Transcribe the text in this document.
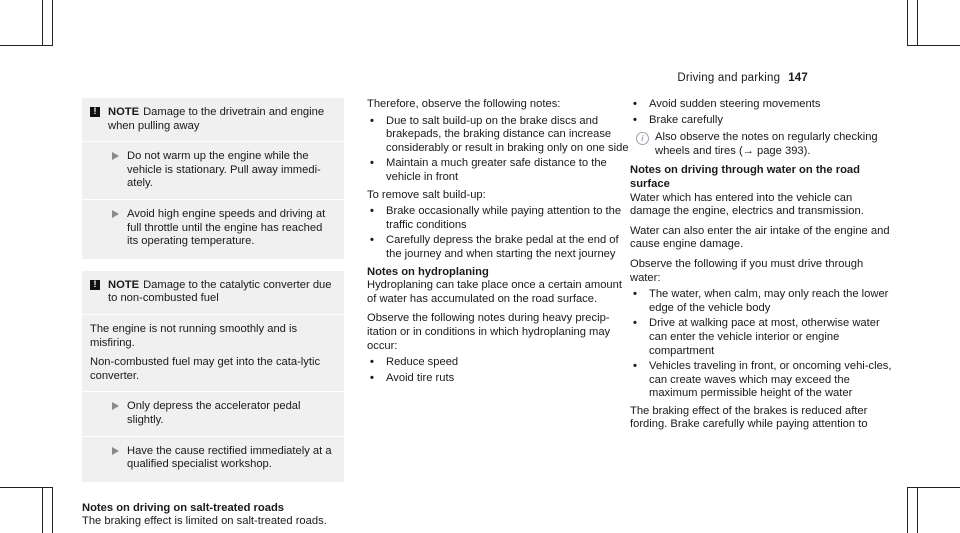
Driving and parking 147
!	NOTE Damage to the drivetrain and engine when pulling away

Do not warm up the engine while the vehicle is stationary. Pull away immedi-ately.

Avoid high engine speeds and driving at full throttle until the engine has reached its operating temperature.

!	NOTE Damage to the catalytic converter due to non-combusted fuel

The engine is not running smoothly and is misfiring.

Non-combusted fuel may get into the cata-lytic converter.

Only depress the accelerator pedal slightly.

Have the cause rectified immediately at a qualified specialist workshop.

Notes on driving on salt-treated roads

The braking effect is limited on salt-treated roads.

Therefore, observe the following notes:

•	Due to salt build-up on the brake discs and brakepads, the braking distance can increase considerably or result in braking only on one side
•	Maintain a much greater safe distance to the vehicle in front

To remove salt build-up:

•	Brake occasionally while paying attention to the traffic conditions
•	Carefully depress the brake pedal at the end of the journey and when starting the next journey

Notes on hydroplaning

Hydroplaning can take place once a certain amount of water has accumulated on the road surface.

Observe the following notes during heavy precip-itation or in conditions in which hydroplaning may occur:

•	Reduce speed
•	Avoid tire ruts
•	Avoid sudden steering movements
•	Brake carefully
i	Also observe the notes on regularly checking wheels and tires (→ page 393).

Notes on driving through water on the road surface

Water which has entered into the vehicle can damage the engine, electrics and transmission.

Water can also enter the air intake of the engine and cause engine damage.

Observe the following if you must drive through water:

•	The water, when calm, may only reach the lower edge of the vehicle body
•	Drive at walking pace at most, otherwise water can enter the vehicle interior or engine compartment
•	Vehicles traveling in front, or oncoming vehi-cles, can create waves which may exceed the maximum permissible height of the water

The braking effect of the brakes is reduced after fording. Brake carefully while paying attention to
